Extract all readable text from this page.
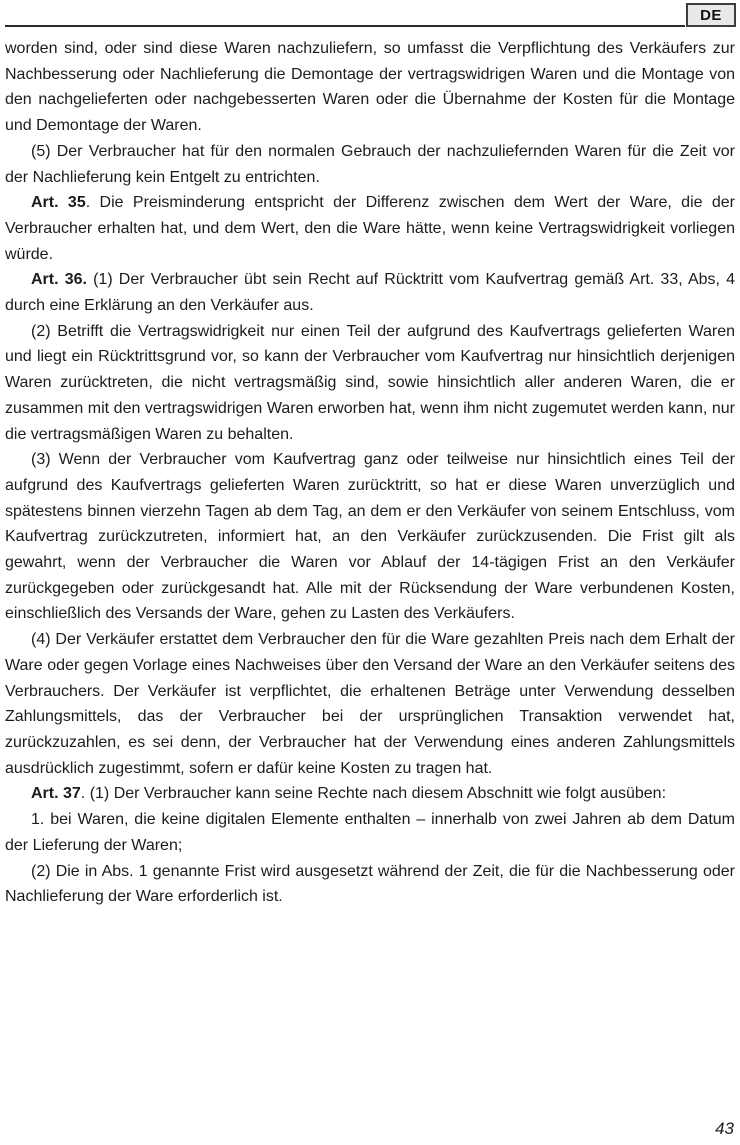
DE

worden sind, oder sind diese Waren nachzuliefern, so umfasst die Verpflichtung des Verkäufers zur Nachbesserung oder Nachlieferung die Demontage der vertragswidrigen Waren und die Montage von den nachgelieferten oder nachgebesserten Waren oder die Übernahme der Kosten für die Montage und Demontage der Waren.

(5) Der Verbraucher hat für den normalen Gebrauch der nachzuliefernden Waren für die Zeit vor der Nachlieferung kein Entgelt zu entrichten.

Art. 35. Die Preisminderung entspricht der Differenz zwischen dem Wert der Ware, die der Verbraucher erhalten hat, und dem Wert, den die Ware hätte, wenn keine Vertragswidrigkeit vorliegen würde.

Art. 36. (1) Der Verbraucher übt sein Recht auf Rücktritt vom Kaufvertrag gemäß Art. 33, Abs, 4 durch eine Erklärung an den Verkäufer aus.

(2) Betrifft die Vertragswidrigkeit nur einen Teil der aufgrund des Kaufvertrags gelieferten Waren und liegt ein Rücktrittsgrund vor, so kann der Verbraucher vom Kaufvertrag nur hinsichtlich derjenigen Waren zurücktreten, die nicht vertragsmäßig sind, sowie hinsichtlich aller anderen Waren, die er zusammen mit den vertragswidrigen Waren erworben hat, wenn ihm nicht zugemutet werden kann, nur die vertragsmäßigen Waren zu behalten.

(3) Wenn der Verbraucher vom Kaufvertrag ganz oder teilweise nur hinsichtlich eines Teil der aufgrund des Kaufvertrags gelieferten Waren zurücktritt, so hat er diese Waren unverzüglich und spätestens binnen vierzehn Tagen ab dem Tag, an dem er den Verkäufer von seinem Entschluss, vom Kaufvertrag zurückzutreten, informiert hat, an den Verkäufer zurückzusenden. Die Frist gilt als gewahrt, wenn der Verbraucher die Waren vor Ablauf der 14-tägigen Frist an den Verkäufer zurückgegeben oder zurückgesandt hat. Alle mit der Rücksendung der Ware verbundenen Kosten, einschließlich des Versands der Ware, gehen zu Lasten des Verkäufers.

(4) Der Verkäufer erstattet dem Verbraucher den für die Ware gezahlten Preis nach dem Erhalt der Ware oder gegen Vorlage eines Nachweises über den Versand der Ware an den Verkäufer seitens des Verbrauchers. Der Verkäufer ist verpflichtet, die erhaltenen Beträge unter Verwendung desselben Zahlungsmittels, das der Verbraucher bei der ursprünglichen Transaktion verwendet hat, zurückzuzahlen, es sei denn, der Verbraucher hat der Verwendung eines anderen Zahlungsmittels ausdrücklich zugestimmt, sofern er dafür keine Kosten zu tragen hat.

Art. 37. (1) Der Verbraucher kann seine Rechte nach diesem Abschnitt wie folgt ausüben:

1. bei Waren, die keine digitalen Elemente enthalten – innerhalb von zwei Jahren ab dem Datum der Lieferung der Waren;

(2) Die in Abs. 1 genannte Frist wird ausgesetzt während der Zeit, die für die Nachbesserung oder Nachlieferung der Ware erforderlich ist.

43
